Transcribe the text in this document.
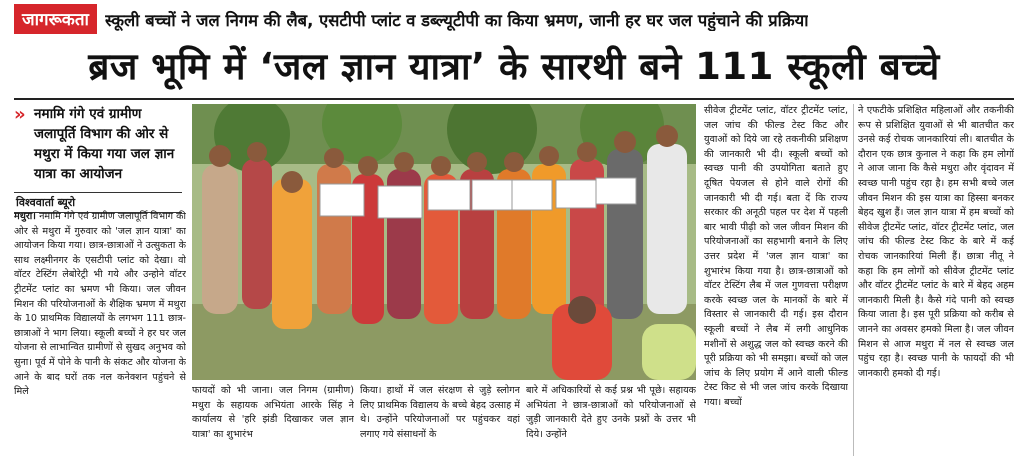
जागरूकता स्कूली बच्चों ने जल निगम की लैब, एसटीपी प्लांट व डब्ल्यूटीपी का किया भ्रमण, जानी हर घर जल पहुंचाने की प्रक्रिया
ब्रज भूमि में ‘जल ज्ञान यात्रा’ के सारथी बने 111 स्कूली बच्चे
» नमामि गंगे एवं ग्रामीण जलापूर्ति विभाग की ओर से मथुरा में किया गया जल ज्ञान यात्रा का आयोजन
विश्ववार्ता ब्यूरो
मथुरा। नमामि गंगे एवं ग्रामीण जलापूर्ति विभाग की ओर से मथुरा में गुरुवार को 'जल ज्ञान यात्रा' का आयोजन किया गया। छात्र-छात्राओं ने उत्सुकता के साथ लक्ष्मीनगर के एसटीपी प्लांट को देखा। वो वॉटर टेस्टिंग लेबोरेट्री भी गये और उन्होने वॉटर ट्रीटमेंट प्लांट का भ्रमण भी किया। जल जीवन मिशन की परियोजनाओं के शैक्षिक भ्रमण में मथुरा के 10 प्राथमिक विद्यालयों के लगभग 111 छात्र-छात्राओं ने भाग लिया। स्कूली बच्चों ने हर घर जल योजना से लाभान्वित ग्रामीणों से सुखद अनुभव को सुना। पूर्व में पोने के पानी के संकट और योजना के आने के बाद घरों तक नल कनेक्शन पहुंचने से मिले	फायदों को भी जाना। जल निगम (ग्रामीण) मथुरा के सहायक अभियंता आरके सिंह ने कार्यालय से 'हरि झंडी दिखाकर जल ज्ञान यात्रा' का शुभारंभ
किया। हाथों में जल संरक्षण से जुड़े स्लोगन लिए प्राथमिक विद्यालय के बच्चे बेहद उत्साह में थे। उन्होंने परियोजनाओं पर पहुंचकर वहां लगाए गये संसाधनों के
बारे में अधिकारियों से कई प्रश्न भी पूछे। सहायक अभियंता ने छात्र-छात्राओं को परियोजनाओं से जुड़ी जानकारी देते हुए उनके प्रश्नों के उत्तर भी दिये। उन्होंने
सीवेज ट्रीटमेंट प्लांट, वॉटर ट्रीटमेंट प्लांट, जल जांच की फील्ड टेस्ट किट और युवाओं को दिये जा रहे तकनीकी प्रशिक्षण की जानकारी भी दी। स्कूली बच्चों को स्वच्छ पानी की उपयोगिता बताते हुए दूषित पेयजल से होने वाले रोगों की जानकारी भी दी गई। बता दें कि राज्य सरकार की अनूठी पहल पर देश में पहली बार भावी पीढ़ी को जल जीवन मिशन की परियोजनाओं का सहभागी बनाने के लिए उत्तर प्रदेश में 'जल ज्ञान यात्रा' का शुभारंभ किया गया है। छात्र-छात्राओं को वॉटर टेस्टिंग लैब में जल गुणवत्ता परीक्षण करके स्वच्छ जल के मानकों के बारे में विस्तार से जानकारी दी गई। इस दौरान स्कूली बच्चों ने लैब में लगी आधुनिक मशीनों से अशुद्ध जल को स्वच्छ करने की पूरी प्रक्रिया को भी समझा। बच्चों को जल जांच के लिए प्रयोग में आने वाली फील्ड टेस्ट किट से भी जल जांच करके दिखाया गया। बच्चों
ने एफटीके प्रशिक्षित महिलाओं और तकनीकी रूप से प्रशिक्षित युवाओं से भी बातचीत कर उनसे कई रोचक जानकारियां ली। बातचीत के दौरान एक छात्र कुनाल ने कहा कि हम लोगों ने आज जाना कि कैसे मथुरा और वृंदावन में स्वच्छ पानी पहुंच रहा है। हम सभी बच्चे जल जीवन मिशन की इस यात्रा का हिस्सा बनकर बेहद खुश हैं। जल ज्ञान यात्रा में हम बच्चों को सीवेज ट्रीटमेंट प्लांट, वॉटर ट्रीटमेंट प्लांट, जल जांच की फील्ड टेस्ट किट के बारे में कई रोचक जानकारियां मिली हैं। छात्रा नीतू ने कहा कि हम लोगों को सीवेज ट्रीटमेंट प्लांट और वॉटर ट्रीटमेंट प्लांट के बारे में बेहद अहम जानकारी मिली है। कैसे गंदे पानी को स्वच्छ किया जाता है। इस पूरी प्रक्रिया को करीब से जानने का अवसर हमको मिला है। जल जीवन मिशन से आज मथुरा में नल से स्वच्छ जल पहुंच रहा है। स्वच्छ पानी के फायदों की भी जानकारी हमको दी गई।
